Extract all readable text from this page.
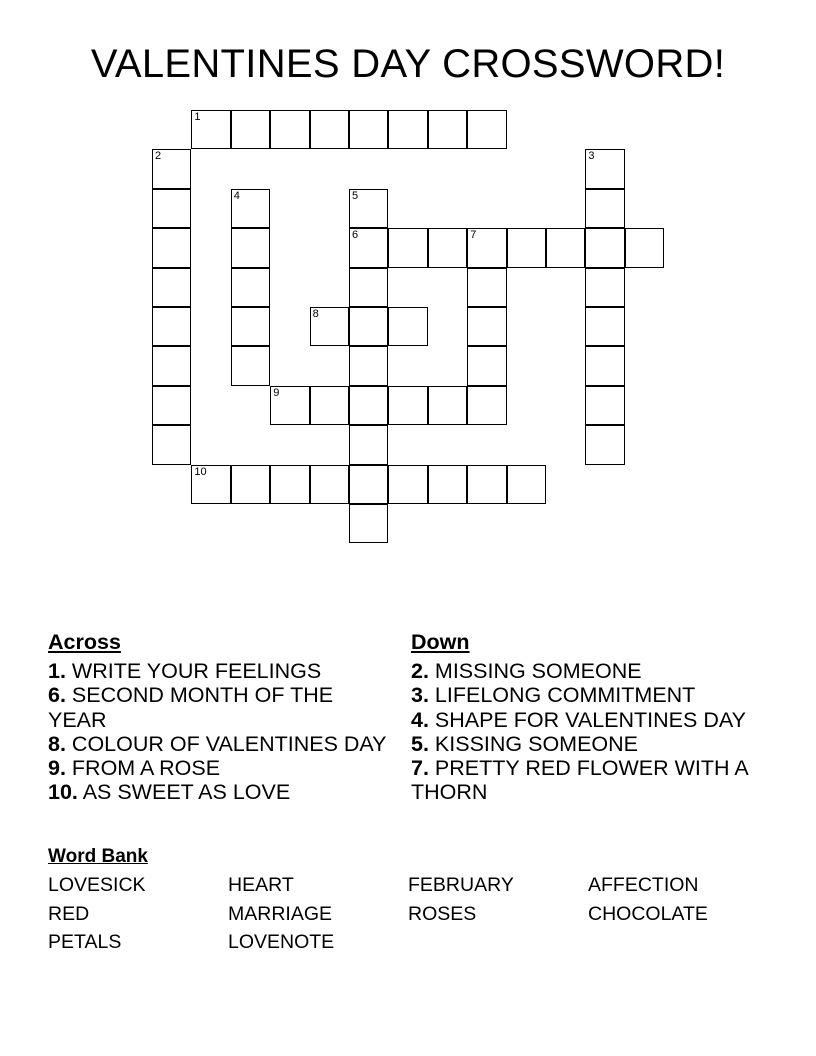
VALENTINES DAY CROSSWORD!
1
2	3
4	5
6	7
8
9
10
Across
1. WRITE YOUR FEELINGS
6. SECOND MONTH OF THE YEAR
8. COLOUR OF VALENTINES DAY
9. FROM A ROSE
10. AS SWEET AS LOVE
Down
2. MISSING SOMEONE
3. LIFELONG COMMITMENT
4. SHAPE FOR VALENTINES DAY
5. KISSING SOMEONE
7. PRETTY RED FLOWER WITH A THORN
Word Bank
LOVESICK	HEART	FEBRUARY	AFFECTION
RED	MARRIAGE	ROSES	CHOCOLATE
PETALS	LOVENOTE
